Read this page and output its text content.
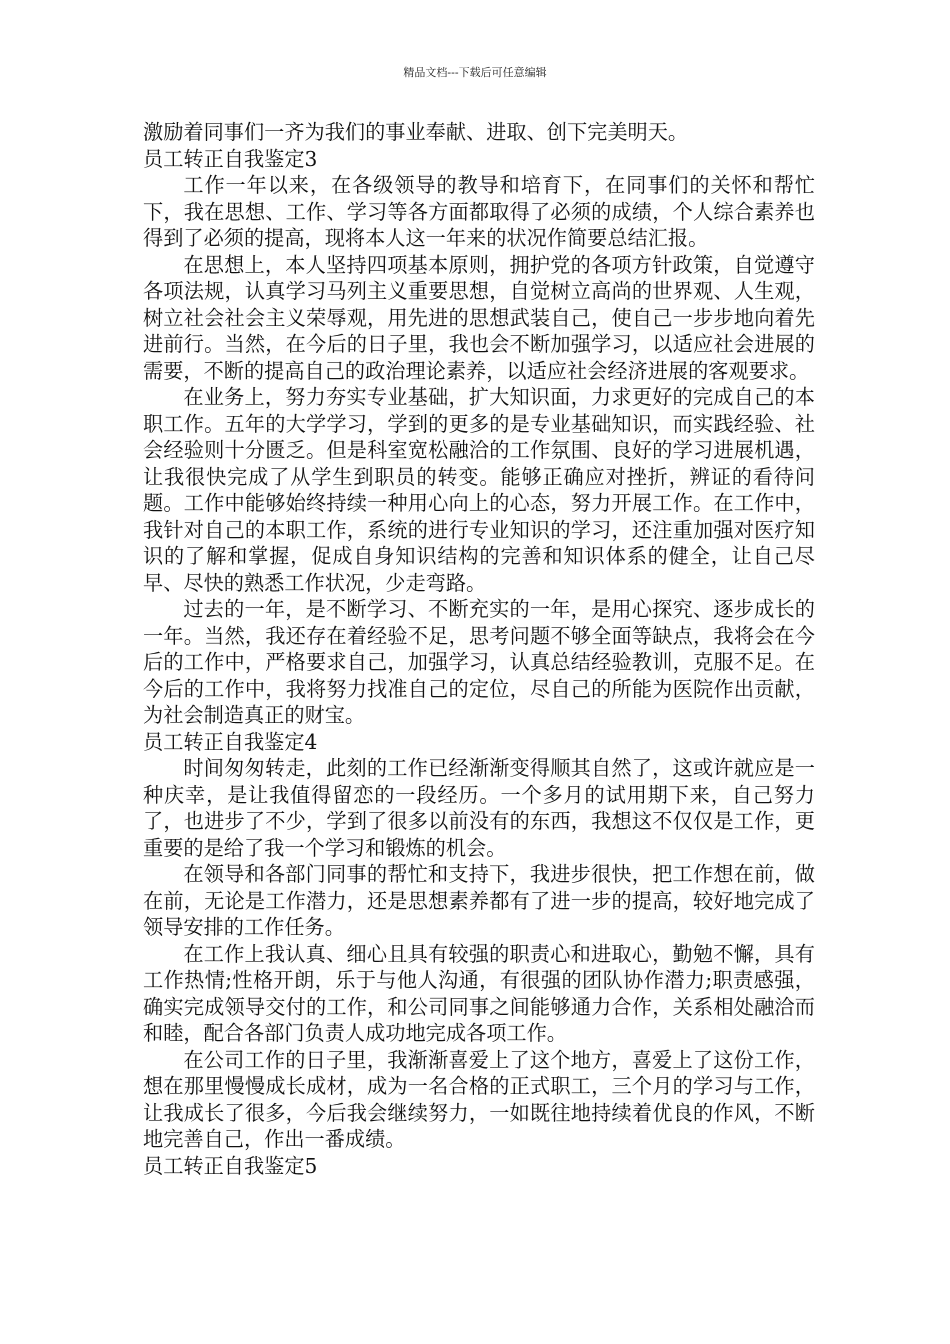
精品文档---下载后可任意编辑

激励着同事们一齐为我们的事业奉献、进取、创下完美明天。

员工转正自我鉴定3

工作一年以来，在各级领导的教导和培育下，在同事们的关怀和帮忙下，我在思想、工作、学习等各方面都取得了必须的成绩，个人综合素养也得到了必须的提高，现将本人这一年来的状况作简要总结汇报。

在思想上，本人坚持四项基本原则，拥护党的各项方针政策，自觉遵守各项法规，认真学习马列主义重要思想，自觉树立高尚的世界观、人生观，树立社会社会主义荣辱观，用先进的思想武装自己，使自己一步步地向着先进前行。当然，在今后的日子里，我也会不断加强学习，以适应社会进展的需要，不断的提高自己的政治理论素养，以适应社会经济进展的客观要求。

在业务上，努力夯实专业基础，扩大知识面，力求更好的完成自己的本职工作。五年的大学学习，学到的更多的是专业基础知识，而实践经验、社会经验则十分匮乏。但是科室宽松融洽的工作氛围、良好的学习进展机遇，让我很快完成了从学生到职员的转变。能够正确应对挫折，辨证的看待问题。工作中能够始终持续一种用心向上的心态，努力开展工作。在工作中，我针对自己的本职工作，系统的进行专业知识的学习，还注重加强对医疗知识的了解和掌握，促成自身知识结构的完善和知识体系的健全，让自己尽早、尽快的熟悉工作状况，少走弯路。

过去的一年，是不断学习、不断充实的一年，是用心探究、逐步成长的一年。当然，我还存在着经验不足，思考问题不够全面等缺点，我将会在今后的工作中，严格要求自己，加强学习，认真总结经验教训，克服不足。在今后的工作中，我将努力找准自己的定位，尽自己的所能为医院作出贡献，为社会制造真正的财宝。

员工转正自我鉴定4

时间匆匆转走，此刻的工作已经渐渐变得顺其自然了，这或许就应是一种庆幸，是让我值得留恋的一段经历。一个多月的试用期下来，自己努力了，也进步了不少，学到了很多以前没有的东西，我想这不仅仅是工作，更重要的是给了我一个学习和锻炼的机会。

在领导和各部门同事的帮忙和支持下，我进步很快，把工作想在前，做在前，无论是工作潜力，还是思想素养都有了进一步的提高，较好地完成了领导安排的工作任务。

在工作上我认真、细心且具有较强的职责心和进取心，勤勉不懈，具有工作热情;性格开朗，乐于与他人沟通，有很强的团队协作潜力;职责感强，确实完成领导交付的工作，和公司同事之间能够通力合作，关系相处融洽而和睦，配合各部门负责人成功地完成各项工作。

在公司工作的日子里，我渐渐喜爱上了这个地方，喜爱上了这份工作，想在那里慢慢成长成材，成为一名合格的正式职工，三个月的学习与工作，让我成长了很多，今后我会继续努力，一如既往地持续着优良的作风，不断地完善自己，作出一番成绩。

员工转正自我鉴定5
